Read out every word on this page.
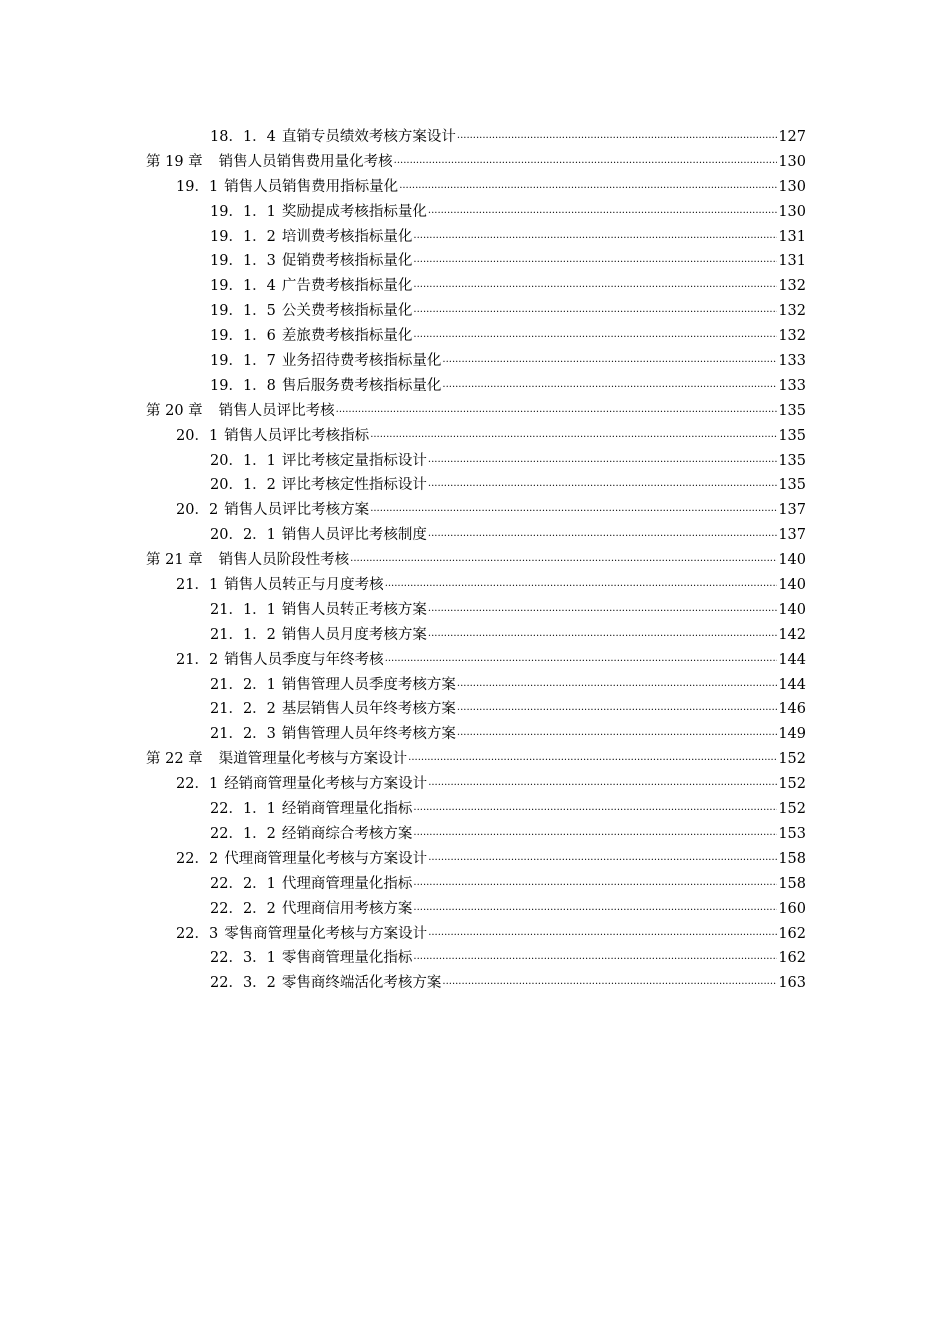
18．1．4 直销专员绩效考核方案设计 .....	127
第 19 章 销售人员销售费用量化考核 .....	130
19．1 销售人员销售费用指标量化 .....	130
19．1．1 奖励提成考核指标量化 .....	130
19．1．2 培训费考核指标量化 .....	131
19．1．3 促销费考核指标量化 .....	131
19．1．4 广告费考核指标量化 .....	132
19．1．5 公关费考核指标量化 .....	132
19．1．6 差旅费考核指标量化 .....	132
19．1．7 业务招待费考核指标量化 .....	133
19．1．8 售后服务费考核指标量化 .....	133
第 20 章 销售人员评比考核 .....	135
20．1 销售人员评比考核指标 .....	135
20．1．1 评比考核定量指标设计 .....	135
20．1．2 评比考核定性指标设计 .....	135
20．2 销售人员评比考核方案 .....	137
20．2．1 销售人员评比考核制度 .....	137
第 21 章 销售人员阶段性考核 .....	140
21．1 销售人员转正与月度考核 .....	140
21．1．1 销售人员转正考核方案 .....	140
21．1．2 销售人员月度考核方案 .....	142
21．2 销售人员季度与年终考核 .....	144
21．2．1 销售管理人员季度考核方案 .....	144
21．2．2 基层销售人员年终考核方案 .....	146
21．2．3 销售管理人员年终考核方案 .....	149
第 22 章 渠道管理量化考核与方案设计 .....	152
22．1 经销商管理量化考核与方案设计 .....	152
22．1．1 经销商管理量化指标 .....	152
22．1．2 经销商综合考核方案 .....	153
22．2 代理商管理量化考核与方案设计 .....	158
22．2．1 代理商管理量化指标 .....	158
22．2．2 代理商信用考核方案 .....	160
22．3 零售商管理量化考核与方案设计 .....	162
22．3．1 零售商管理量化指标 .....	162
22．3．2 零售商终端活化考核方案 .....	163
